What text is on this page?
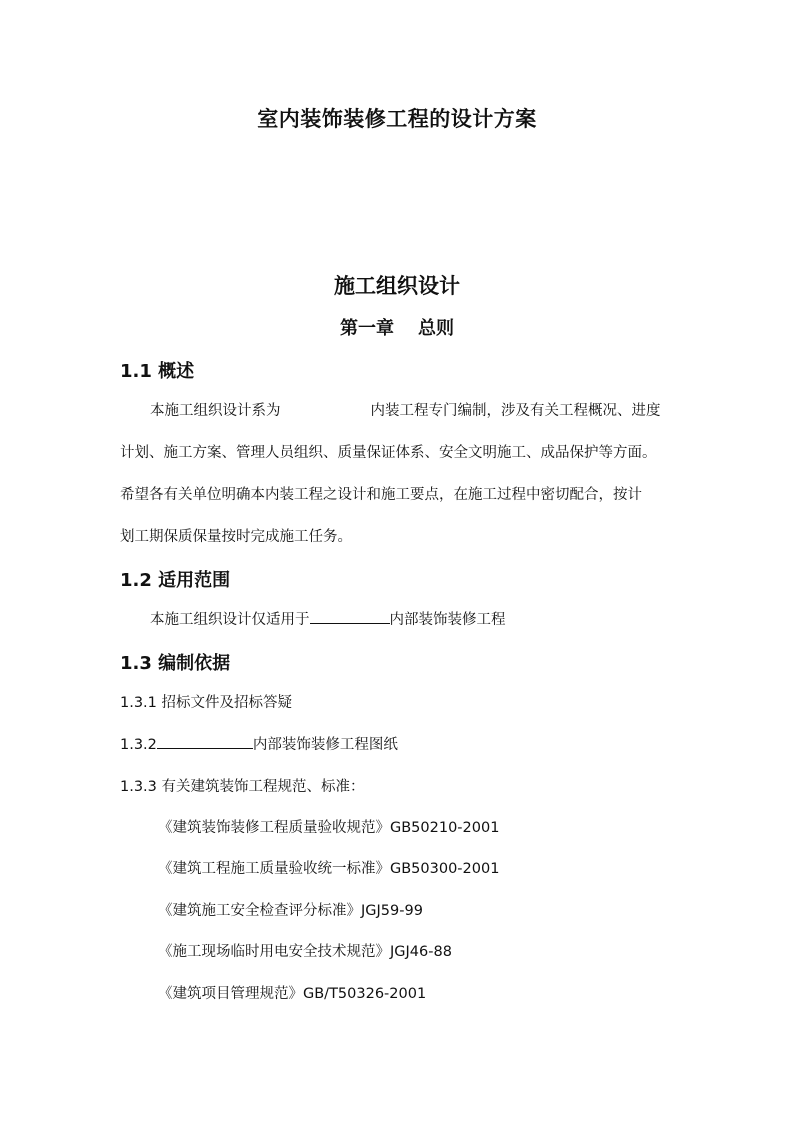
室内装饰装修工程的设计方案
施工组织设计
第一章 总则
1.1 概述
本施工组织设计系为	内装工程专门编制，涉及有关工程概况、进度
计划、施工方案、管理人员组织、质量保证体系、安全文明施工、成品保护等方面。
希望各有关单位明确本内装工程之设计和施工要点，在施工过程中密切配合，按计
划工期保质保量按时完成施工任务。
1.2 适用范围
本施工组织设计仅适用于	内部装饰装修工程
1.3 编制依据
1.3.1 招标文件及招标答疑
1.3.2	内部装饰装修工程图纸
1.3.3 有关建筑装饰工程规范、标准：
《建筑装饰装修工程质量验收规范》GB50210-2001
《建筑工程施工质量验收统一标准》GB50300-2001
《建筑施工安全检查评分标准》JGJ59-99
《施工现场临时用电安全技术规范》JGJ46-88
《建筑项目管理规范》GB/T50326-2001
